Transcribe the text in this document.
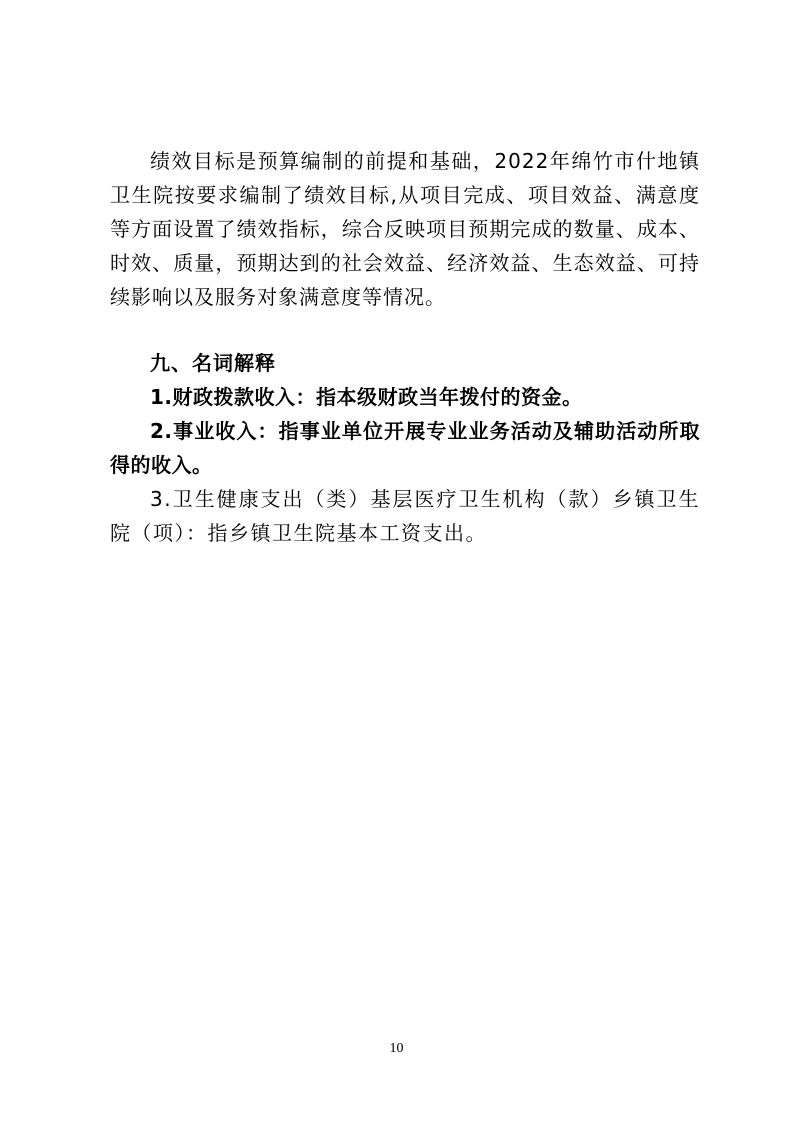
绩效目标是预算编制的前提和基础，2022年绵竹市什地镇卫生院按要求编制了绩效目标,从项目完成、项目效益、满意度等方面设置了绩效指标，综合反映项目预期完成的数量、成本、时效、质量，预期达到的社会效益、经济效益、生态效益、可持续影响以及服务对象满意度等情况。

九、名词解释

1.财政拨款收入：指本级财政当年拨付的资金。

2.事业收入：指事业单位开展专业业务活动及辅助活动所取得的收入。

3.卫生健康支出（类）基层医疗卫生机构（款）乡镇卫生院（项）：指乡镇卫生院基本工资支出。

10
